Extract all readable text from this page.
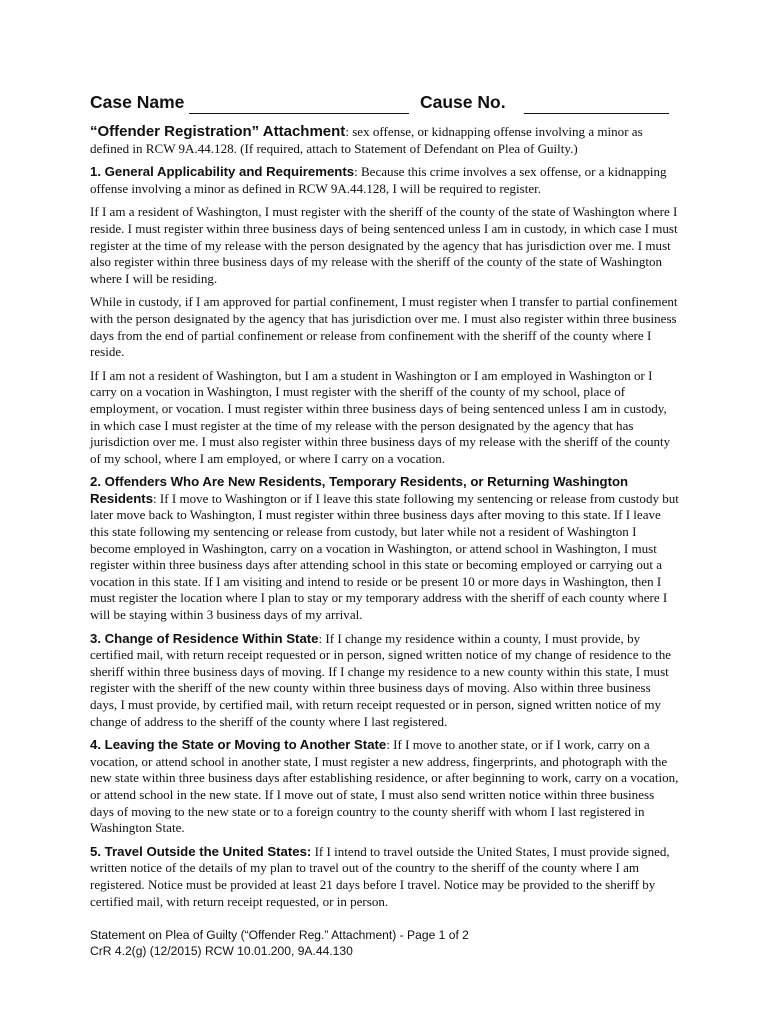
Case Name	Cause No.

“Offender Registration” Attachment: sex offense, or kidnapping offense involving a minor as defined in RCW 9A.44.128. (If required, attach to Statement of Defendant on Plea of Guilty.)

1. General Applicability and Requirements: Because this crime involves a sex offense, or a kidnapping offense involving a minor as defined in RCW 9A.44.128, I will be required to register.

If I am a resident of Washington, I must register with the sheriff of the county of the state of Washington where I reside. I must register within three business days of being sentenced unless I am in custody, in which case I must register at the time of my release with the person designated by the agency that has jurisdiction over me. I must also register within three business days of my release with the sheriff of the county of the state of Washington where I will be residing.

While in custody, if I am approved for partial confinement, I must register when I transfer to partial confinement with the person designated by the agency that has jurisdiction over me. I must also register within three business days from the end of partial confinement or release from confinement with the sheriff of the county where I reside.

If I am not a resident of Washington, but I am a student in Washington or I am employed in Washington or I carry on a vocation in Washington, I must register with the sheriff of the county of my school, place of employment, or vocation. I must register within three business days of being sentenced unless I am in custody, in which case I must register at the time of my release with the person designated by the agency that has jurisdiction over me. I must also register within three business days of my release with the sheriff of the county of my school, where I am employed, or where I carry on a vocation.

2. Offenders Who Are New Residents, Temporary Residents, or Returning Washington Residents: If I move to Washington or if I leave this state following my sentencing or release from custody but later move back to Washington, I must register within three business days after moving to this state. If I leave this state following my sentencing or release from custody, but later while not a resident of Washington I become employed in Washington, carry on a vocation in Washington, or attend school in Washington, I must register within three business days after attending school in this state or becoming employed or carrying out a vocation in this state. If I am visiting and intend to reside or be present 10 or more days in Washington, then I must register the location where I plan to stay or my temporary address with the sheriff of each county where I will be staying within 3 business days of my arrival.

3. Change of Residence Within State: If I change my residence within a county, I must provide, by certified mail, with return receipt requested or in person, signed written notice of my change of residence to the sheriff within three business days of moving. If I change my residence to a new county within this state, I must register with the sheriff of the new county within three business days of moving. Also within three business days, I must provide, by certified mail, with return receipt requested or in person, signed written notice of my change of address to the sheriff of the county where I last registered.

4. Leaving the State or Moving to Another State: If I move to another state, or if I work, carry on a vocation, or attend school in another state, I must register a new address, fingerprints, and photograph with the new state within three business days after establishing residence, or after beginning to work, carry on a vocation, or attend school in the new state. If I move out of state, I must also send written notice within three business days of moving to the new state or to a foreign country to the county sheriff with whom I last registered in Washington State.

5. Travel Outside the United States: If I intend to travel outside the United States, I must provide signed, written notice of the details of my plan to travel out of the country to the sheriff of the county where I am registered. Notice must be provided at least 21 days before I travel. Notice may be provided to the sheriff by certified mail, with return receipt requested, or in person.

Statement on Plea of Guilty (“Offender Reg.” Attachment) - Page 1 of 2
CrR 4.2(g) (12/2015) RCW 10.01.200, 9A.44.130
